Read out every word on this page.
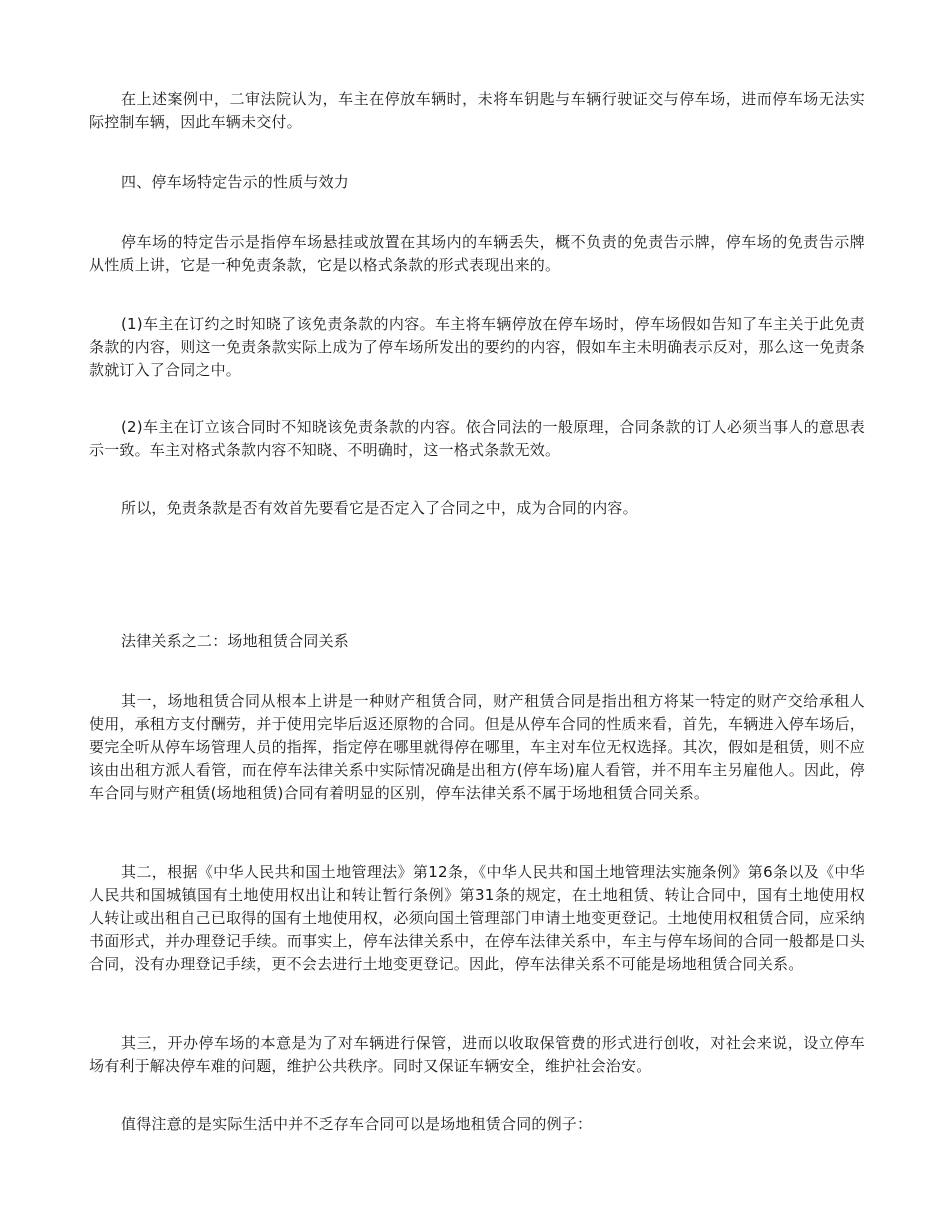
在上述案例中，二审法院认为，车主在停放车辆时，未将车钥匙与车辆行驶证交与停车场，进而停车场无法实际控制车辆，因此车辆未交付。

四、停车场特定告示的性质与效力

停车场的特定告示是指停车场悬挂或放置在其场内的车辆丢失，概不负责的免责告示牌，停车场的免责告示牌从性质上讲，它是一种免责条款，它是以格式条款的形式表现出来的。

(1)车主在订约之时知晓了该免责条款的内容。车主将车辆停放在停车场时，停车场假如告知了车主关于此免责条款的内容，则这一免责条款实际上成为了停车场所发出的要约的内容，假如车主未明确表示反对，那么这一免责条款就订入了合同之中。

(2)车主在订立该合同时不知晓该免责条款的内容。依合同法的一般原理，合同条款的订人必须当事人的意思表示一致。车主对格式条款内容不知晓、不明确时，这一格式条款无效。

所以，免责条款是否有效首先要看它是否定入了合同之中，成为合同的内容。

法律关系之二：场地租赁合同关系

其一，场地租赁合同从根本上讲是一种财产租赁合同，财产租赁合同是指出租方将某一特定的财产交给承租人使用，承租方支付酬劳，并于使用完毕后返还原物的合同。但是从停车合同的性质来看，首先，车辆进入停车场后，要完全听从停车场管理人员的指挥，指定停在哪里就得停在哪里，车主对车位无权选择。其次，假如是租赁，则不应该由出租方派人看管，而在停车法律关系中实际情况确是出租方(停车场)雇人看管，并不用车主另雇他人。因此，停车合同与财产租赁(场地租赁)合同有着明显的区别，停车法律关系不属于场地租赁合同关系。

其二，根据《中华人民共和国土地管理法》第12条，《中华人民共和国土地管理法实施条例》第6条以及《中华人民共和国城镇国有土地使用权出让和转让暂行条例》第31条的规定，在土地租赁、转让合同中，国有土地使用权人转让或出租自己已取得的国有土地使用权，必须向国土管理部门申请土地变更登记。土地使用权租赁合同，应采纳书面形式，并办理登记手续。而事实上，停车法律关系中，在停车法律关系中，车主与停车场间的合同一般都是口头合同，没有办理登记手续，更不会去进行土地变更登记。因此，停车法律关系不可能是场地租赁合同关系。

其三，开办停车场的本意是为了对车辆进行保管，进而以收取保管费的形式进行创收，对社会来说，设立停车场有利于解决停车难的问题，维护公共秩序。同时又保证车辆安全，维护社会治安。

值得注意的是实际生活中并不乏存车合同可以是场地租赁合同的例子：
